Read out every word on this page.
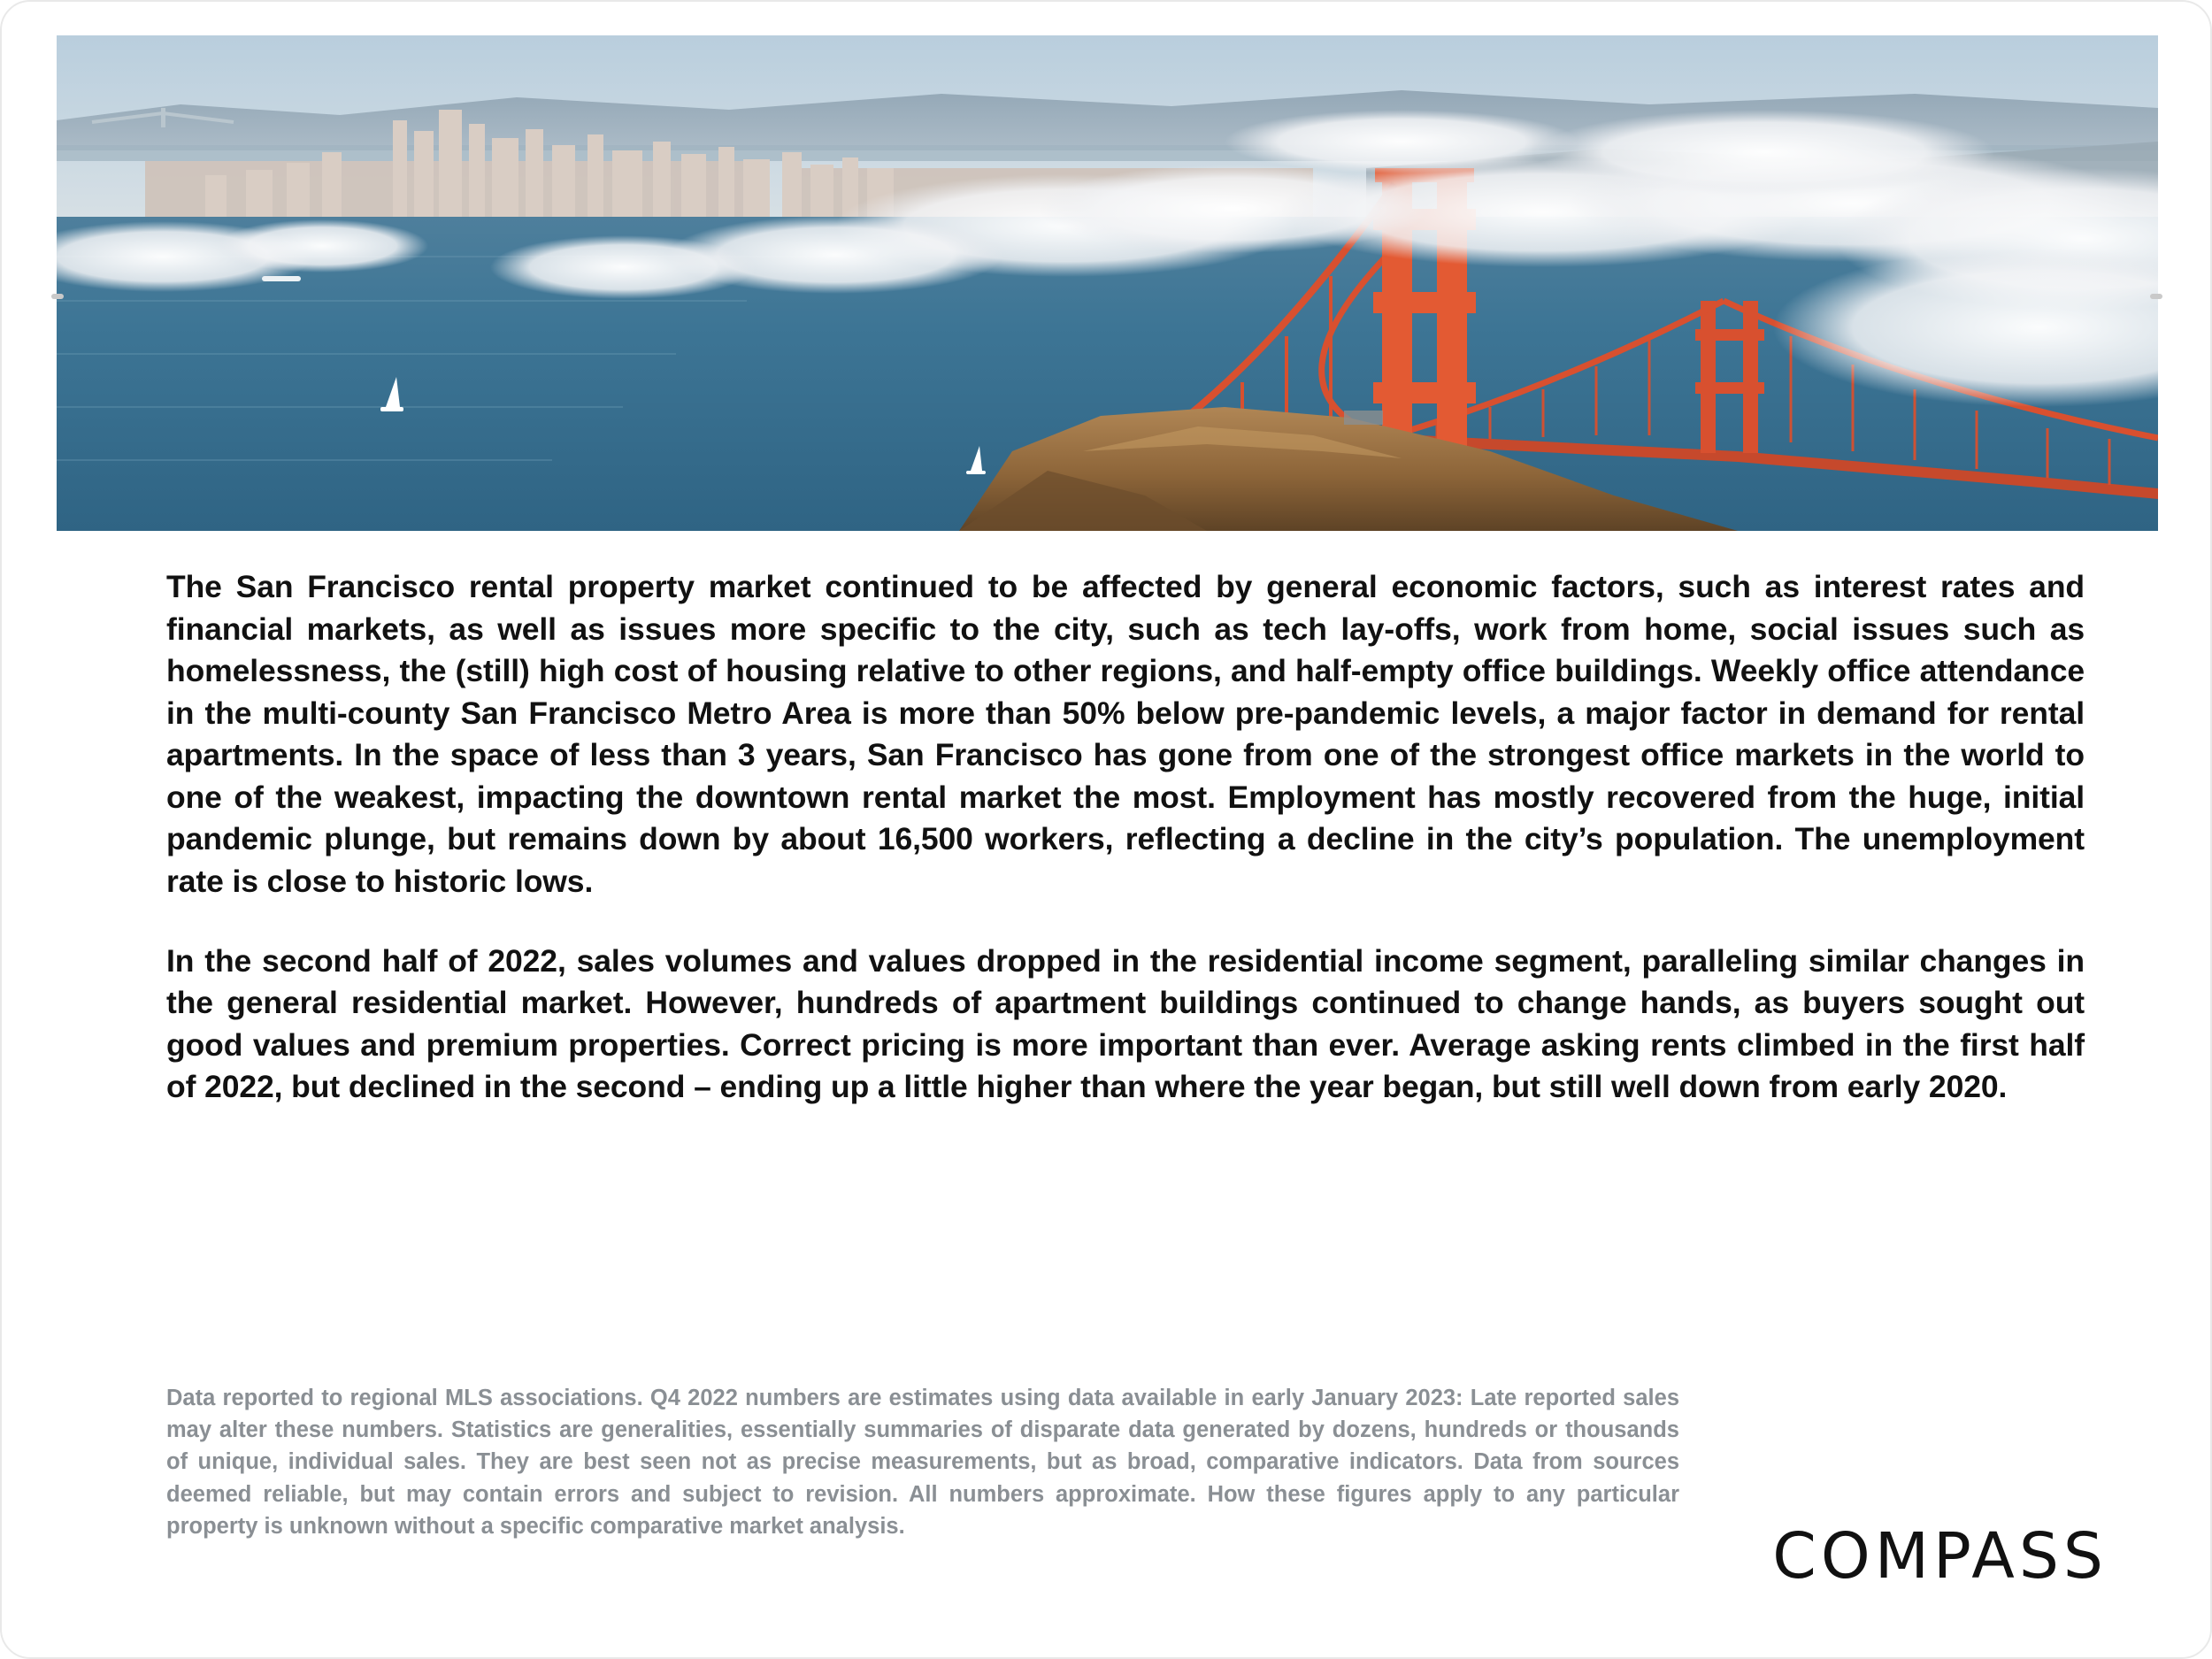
The San Francisco rental property market continued to be affected by general economic factors, such as interest rates and financial markets, as well as issues more specific to the city, such as tech lay-offs, work from home, social issues such as homelessness, the (still) high cost of housing relative to other regions, and half-empty office buildings. Weekly office attendance in the multi-county San Francisco Metro Area is more than 50% below pre-pandemic levels, a major factor in demand for rental apartments. In the space of less than 3 years, San Francisco has gone from one of the strongest office markets in the world to one of the weakest, impacting the downtown rental market the most. Employment has mostly recovered from the huge, initial pandemic plunge, but remains down by about 16,500 workers, reflecting a decline in the city’s population. The unemployment rate is close to historic lows.

In the second half of 2022, sales volumes and values dropped in the residential income segment, paralleling similar changes in the general residential market. However, hundreds of apartment buildings continued to change hands, as buyers sought out good values and premium properties. Correct pricing is more important than ever. Average asking rents climbed in the first half of 2022, but declined in the second – ending up a little higher than where the year began, but still well down from early 2020.

Data reported to regional MLS associations. Q4 2022 numbers are estimates using data available in early January 2023: Late reported sales may alter these numbers. Statistics are generalities, essentially summaries of disparate data generated by dozens, hundreds or thousands of unique, individual sales. They are best seen not as precise measurements, but as broad, comparative indicators. Data from sources deemed reliable, but may contain errors and subject to revision. All numbers approximate. How these figures apply to any particular property is unknown without a specific comparative market analysis.	COMPASS
